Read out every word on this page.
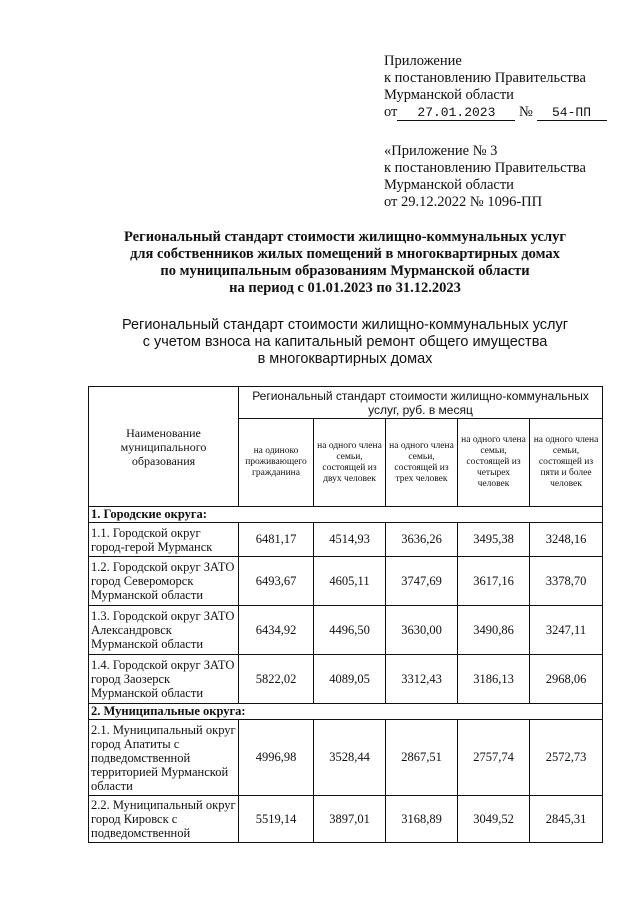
Приложение
к постановлению Правительства
Мурманской области
от 27.01.2023 № 54-ПП
«Приложение № 3
к постановлению Правительства
Мурманской области
от 29.12.2022 № 1096-ПП
Региональный стандарт стоимости жилищно-коммунальных услуг
для собственников жилых помещений в многоквартирных домах
по муниципальным образованиям Мурманской области
на период с 01.01.2023 по 31.12.2023
Региональный стандарт стоимости жилищно-коммунальных услуг
с учетом взноса на капитальный ремонт общего имущества
в многоквартирных домах
Наименование муниципального образования	Региональный стандарт стоимости жилищно-коммунальных услуг, руб. в месяц				
	на одиноко проживающего гражданина	на одного члена семьи, состоящей из двух человек	на одного члена семьи, состоящей из трех человек	на одного члена семьи, состоящей из четырех человек	на одного члена семьи, состоящей из пяти и более человек
1. Городские округа:					
1.1. Городской округ город-герой Мурманск	6481,17	4514,93	3636,26	3495,38	3248,16
1.2. Городской округ ЗАТО город Североморск Мурманской области	6493,67	4605,11	3747,69	3617,16	3378,70
1.3. Городской округ ЗАТО Александровск Мурманской области	6434,92	4496,50	3630,00	3490,86	3247,11
1.4. Городской округ ЗАТО город Заозерск Мурманской области	5822,02	4089,05	3312,43	3186,13	2968,06
2. Муниципальные округа:					
2.1. Муниципальный округ город Апатиты с подведомственной территорией Мурманской области	4996,98	3528,44	2867,51	2757,74	2572,73
2.2. Муниципальный округ город Кировск с подведомственной	5519,14	3897,01	3168,89	3049,52	2845,31
